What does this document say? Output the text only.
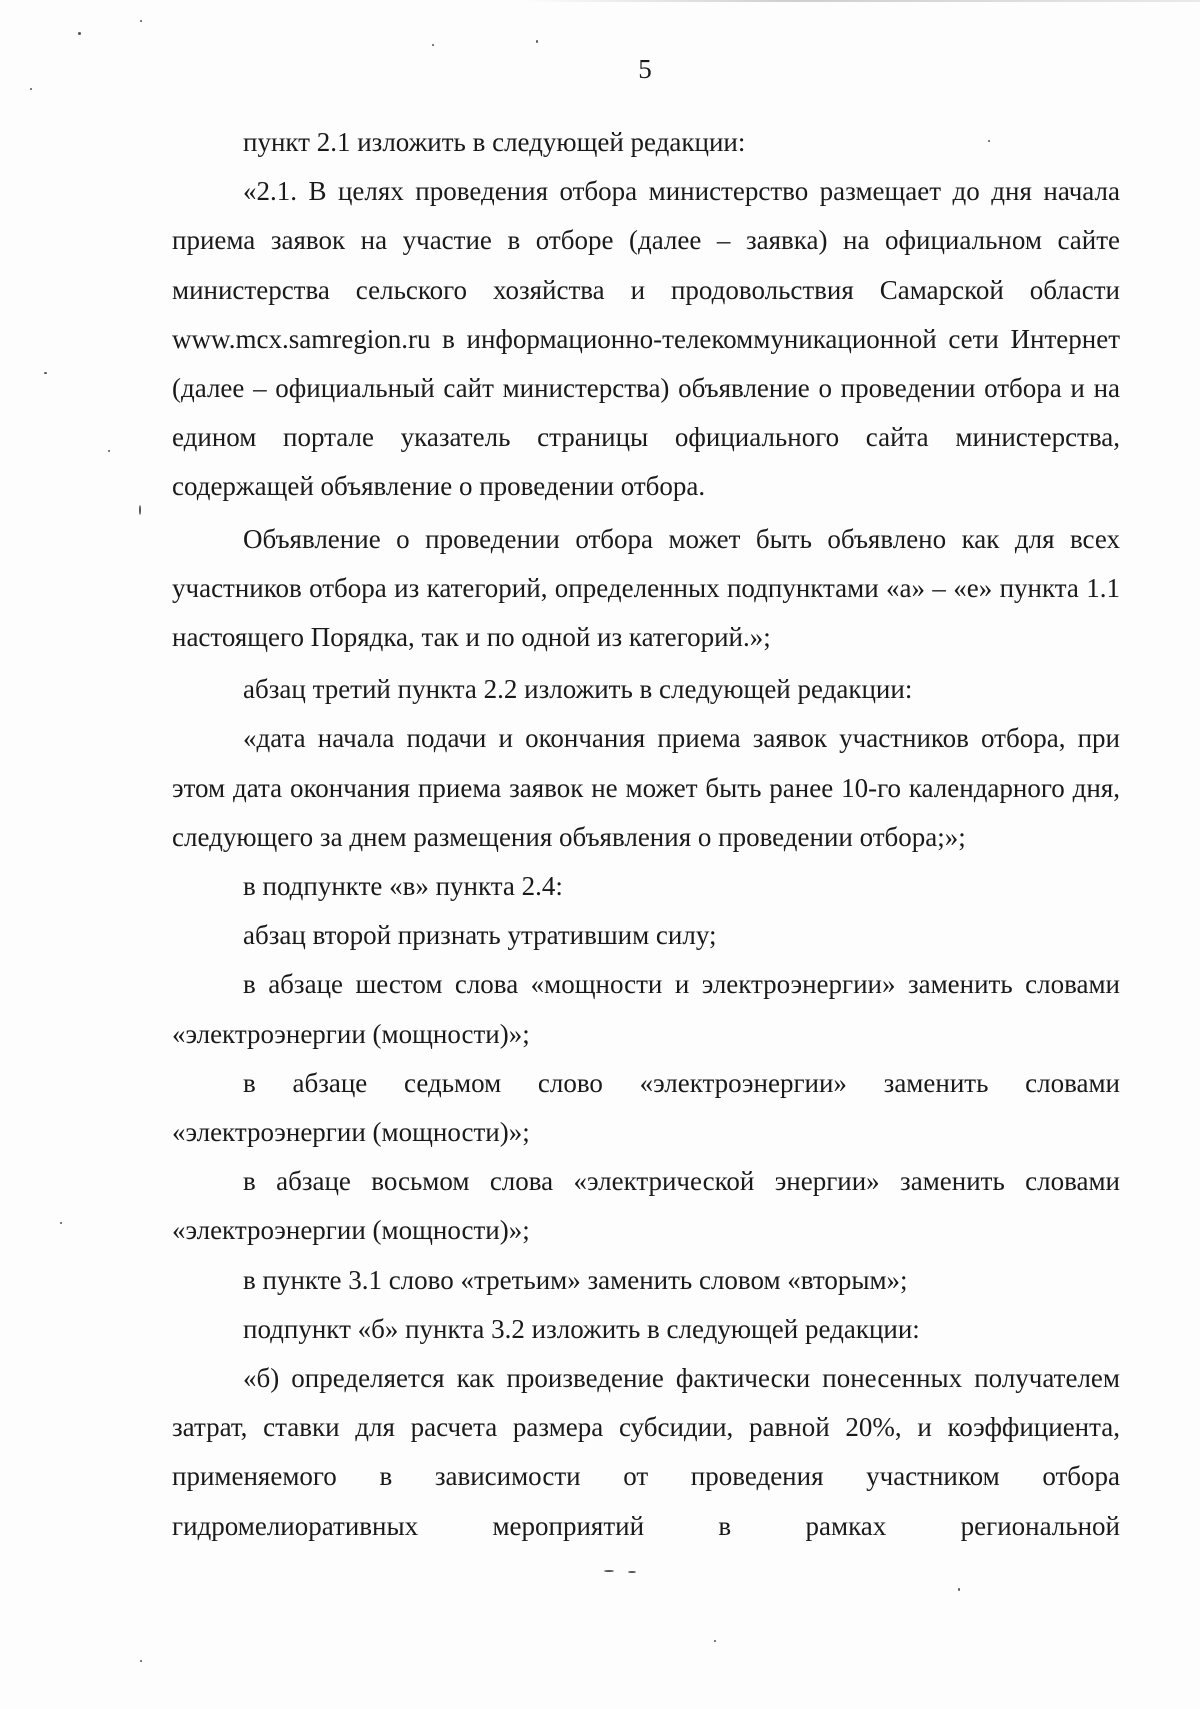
5

пункт 2.1 изложить в следующей редакции:

«2.1. В целях проведения отбора министерство размещает до дня начала приема заявок на участие в отборе (далее – заявка) на официальном сайте министерства сельского хозяйства и продовольствия Самарской области www.mcx.samregion.ru в информационно-телекоммуникационной сети Интернет (далее – официальный сайт министерства) объявление о проведении отбора и на едином портале указатель страницы официального сайта министерства, содержащей объявление о проведении отбора.

Объявление о проведении отбора может быть объявлено как для всех участников отбора из категорий, определенных подпунктами «а» – «е» пункта 1.1 настоящего Порядка, так и по одной из категорий.»;

абзац третий пункта 2.2 изложить в следующей редакции:

«дата начала подачи и окончания приема заявок участников отбора, при этом дата окончания приема заявок не может быть ранее 10-го календарного дня, следующего за днем размещения объявления о проведении отбора;»;

в подпункте «в» пункта 2.4:

абзац второй признать утратившим силу;

в абзаце шестом слова «мощности и электроэнергии» заменить словами «электроэнергии (мощности)»;

в абзаце седьмом слово «электроэнергии» заменить словами «электроэнергии (мощности)»;

в абзаце восьмом слова «электрической энергии» заменить словами «электроэнергии (мощности)»;

в пункте 3.1 слово «третьим» заменить словом «вторым»;

подпункт «б» пункта 3.2 изложить в следующей редакции:

«б) определяется как произведение фактически понесенных получателем затрат, ставки для расчета размера субсидии, равной 20%, и коэффициента, применяемого в зависимости от проведения участником отбора гидромелиоративных мероприятий в рамках региональной
